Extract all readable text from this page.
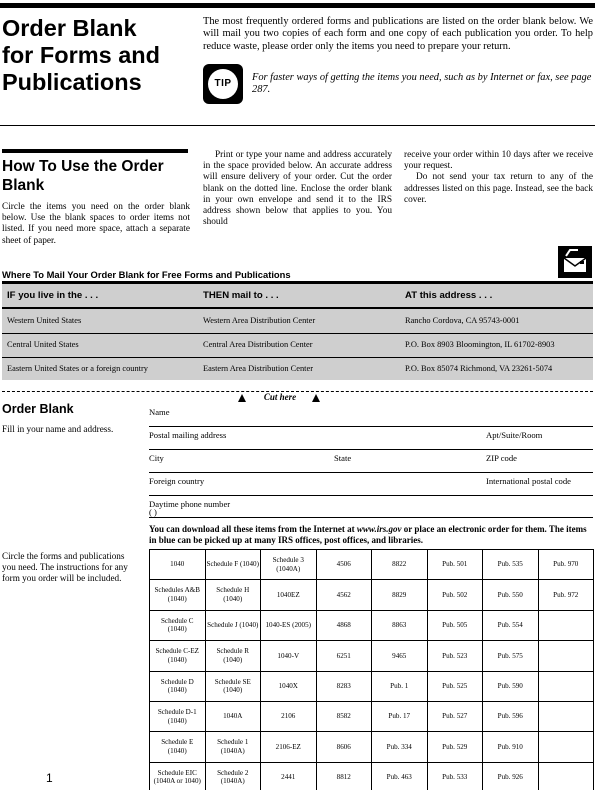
Order Blank
for Forms and
Publications
The most frequently ordered forms and publications are listed on the order blank below. We will mail you two copies of each form and one copy of each publication you order. To help reduce waste, please order only the items you need to prepare your return.
TIP
For faster ways of getting the items you need, such as by Internet or fax, see page 287.
How To Use the Order Blank

Circle the items you need on the order blank below. Use the blank spaces to order items not listed. If you need more space, attach a separate sheet of paper.

Print or type your name and address accurately in the space provided below. An accurate address will ensure delivery of your order. Cut the order blank on the dotted line. Enclose the order blank in your own envelope and send it to the IRS address shown below that applies to you. You should

receive your order within 10 days after we receive your request.

Do not send your tax return to any of the addresses listed on this page. Instead, see the back cover.

Where To Mail Your Order Blank for Free Forms and Publications
IF you live in the . . .	THEN mail to . . .	AT this address . . .
Western United States	Western Area Distribution Center	Rancho Cordova, CA 95743-0001
Central United States	Central Area Distribution Center	P.O. Box 8903 Bloomington, IL 61702-8903
Eastern United States or a foreign country	Eastern Area Distribution Center	P.O. Box 85074 Richmond, VA 23261-5074
Cut here
Order Blank
Fill in your name and address.
Circle the forms and publications you need. The instructions for any form you order will be included.
Name
Postal mailing address	Apt/Suite/Room
City	State	ZIP code
Foreign country	International postal code
Daytime phone number
( )
You can download all these items from the Internet at www.irs.gov or place an electronic order for them. The items in blue can be picked up at many IRS offices, post offices, and libraries.
1040	Schedule F (1040)	Schedule 3 (1040A)	4506	8822	Pub. 501	Pub. 535	Pub. 970
Schedules A&B (1040)	Schedule H (1040)	1040EZ	4562	8829	Pub. 502	Pub. 550	Pub. 972
Schedule C (1040)	Schedule J (1040)	1040-ES (2005)	4868	8863	Pub. 505	Pub. 554	
Schedule C-EZ (1040)	Schedule R (1040)	1040-V	6251	9465	Pub. 523	Pub. 575	
Schedule D (1040)	Schedule SE (1040)	1040X	8283	Pub. 1	Pub. 525	Pub. 590	
Schedule D-1 (1040)	1040A	2106	8582	Pub. 17	Pub. 527	Pub. 596	
Schedule E (1040)	Schedule 1 (1040A)	2106-EZ	8606	Pub. 334	Pub. 529	Pub. 910	
Schedule EIC (1040A or 1040)	Schedule 2 (1040A)	2441	8812	Pub. 463	Pub. 533	Pub. 926	
1
